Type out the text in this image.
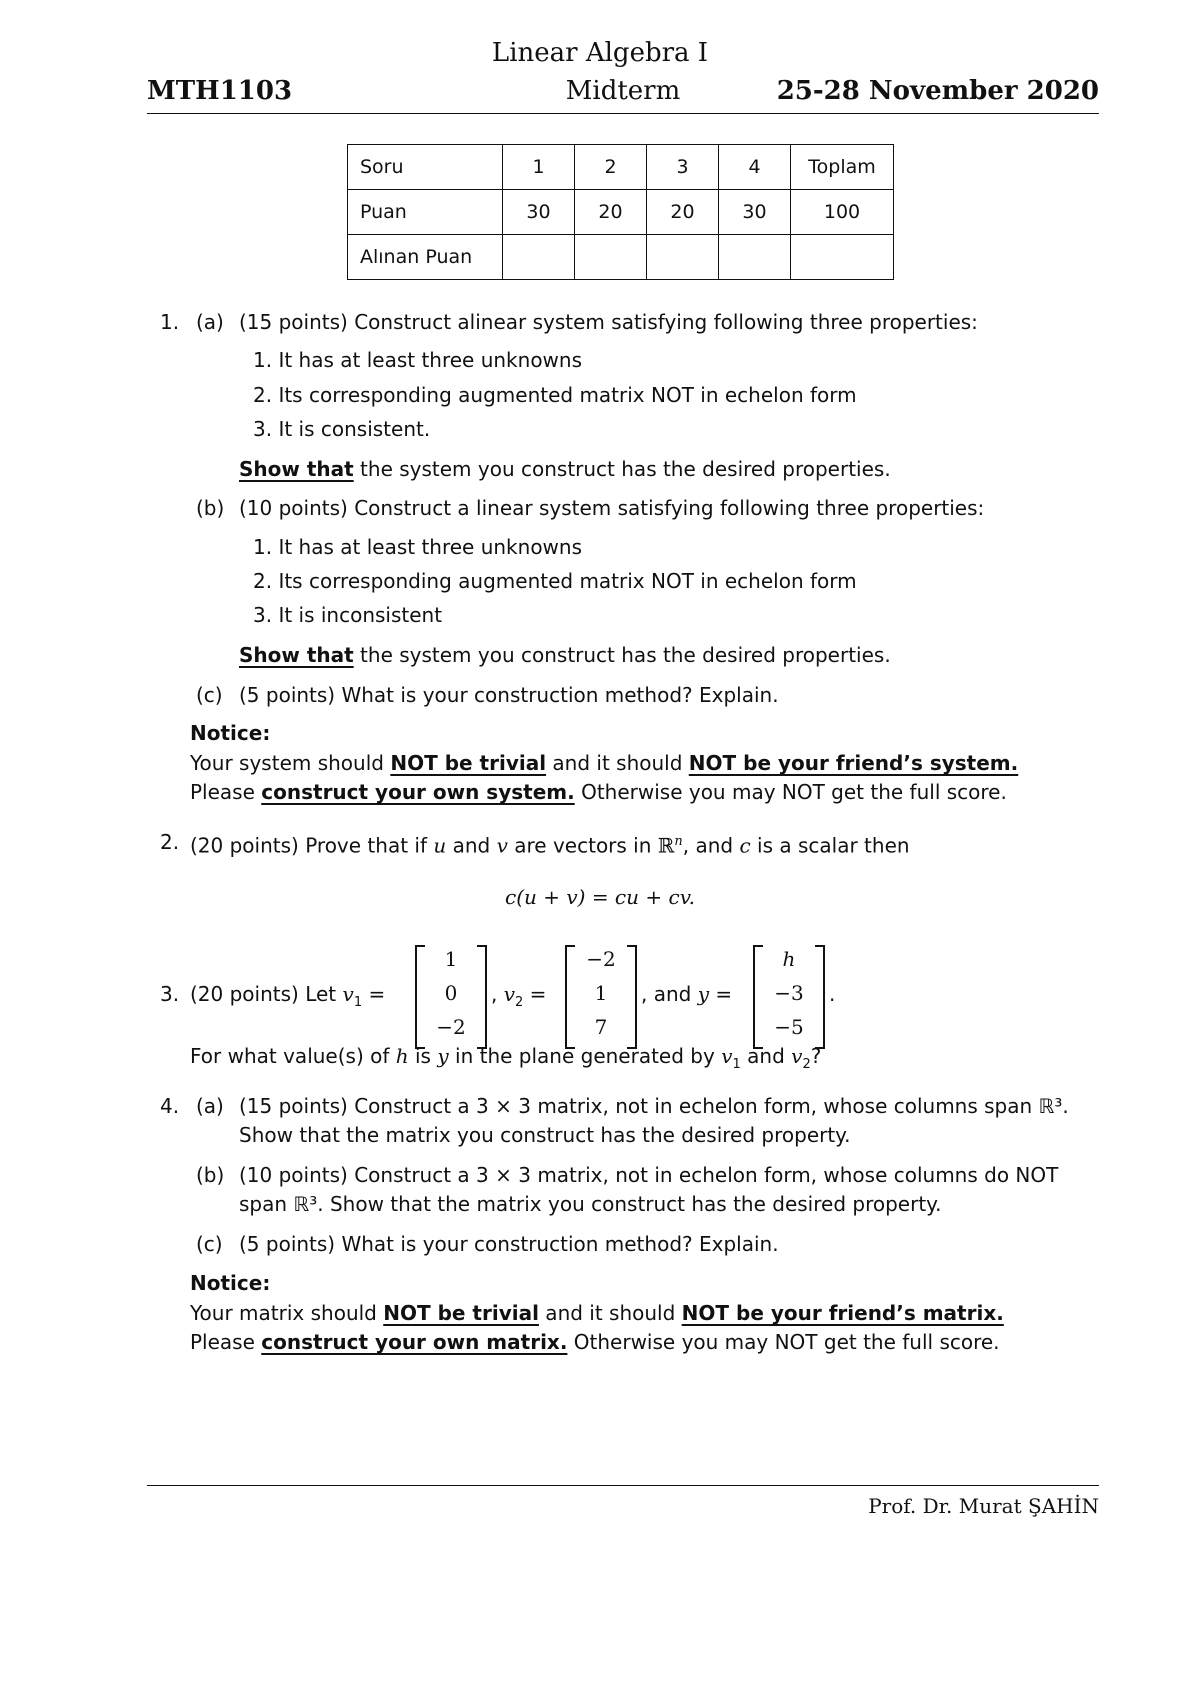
Linear Algebra I
MTH1103	Midterm	25-28 November 2020
Soru	1	2	3	4	Toplam
Puan	30	20	20	30	100
Alınan Puan					
1. (a) (15 points) Construct alinear system satisfying following three properties:
1. It has at least three unknowns
2. Its corresponding augmented matrix NOT in echelon form
3. It is consistent.
Show that the system you construct has the desired properties.
(b) (10 points) Construct a linear system satisfying following three properties:
1. It has at least three unknowns
2. Its corresponding augmented matrix NOT in echelon form
3. It is inconsistent
Show that the system you construct has the desired properties.
(c) (5 points) What is your construction method? Explain.
Notice:
Your system should NOT be trivial and it should NOT be your friend’s system.
Please construct your own system. Otherwise you may NOT get the full score.
2. (20 points) Prove that if u and v are vectors in ℝ$^n$, and c is a scalar then
c(u + v) = cu + cv.
3. (20 points) Let $v_1$ =
1
0
−2
, $v_2$ =
−2
1
7
, and y =
h
−3
−5
.
For what value(s) of h is y in the plane generated by $v_1$ and $v_2$?
4. (a) (15 points) Construct a 3 × 3 matrix, not in echelon form, whose columns span ℝ³.
Show that the matrix you construct has the desired property.
(b) (10 points) Construct a 3 × 3 matrix, not in echelon form, whose columns do NOT
span ℝ³. Show that the matrix you construct has the desired property.
(c) (5 points) What is your construction method? Explain.
Notice:
Your matrix should NOT be trivial and it should NOT be your friend’s matrix.
Please construct your own matrix. Otherwise you may NOT get the full score.
Prof. Dr. Murat ŞAHİN
